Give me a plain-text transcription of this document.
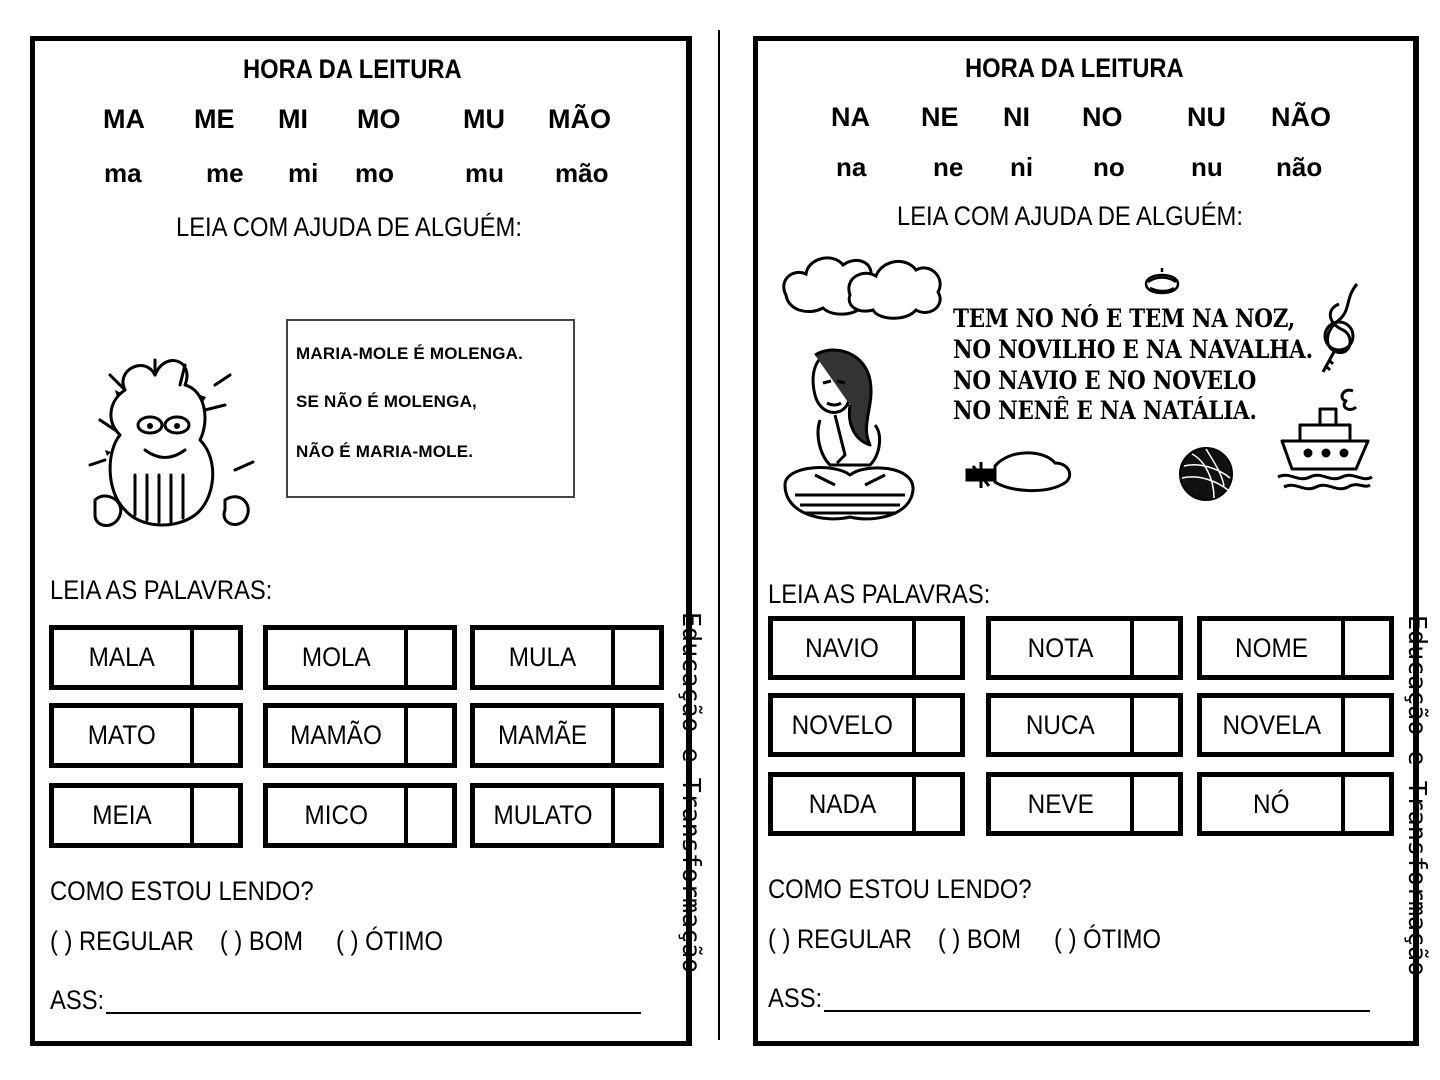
HORA DA LEITURA
MA ME MI MO MU MÃO
ma me mi mo	mu mão
LEIA COM AJUDA DE ALGUÉM:
MARIA-MOLE É MOLENGA.
SE NÃO É MOLENGA,
NÃO É MARIA-MOLE.
LEIA AS PALAVRAS:
MALA	MOLA	MULA
MATO	MAMÃO	MAMÃE
MEIA	MICO	MULATO
COMO ESTOU LENDO?
( ) REGULAR ( ) BOM ( ) ÓTIMO
ASS:
Educação e Transformação
HORA DA LEITURA
NA NE NI NO NU NÃO
na	ne ni no	nu não
LEIA COM AJUDA DE ALGUÉM:
TEM NO NÓ E TEM NA NOZ,
NO NOVILHO E NA NAVALHA.
NO NAVIO E NO NOVELO
NO NENÊ E NA NATÁLIA.
LEIA AS PALAVRAS:
NAVIO	NOTA	NOME
NOVELO	NUCA	NOVELA
NADA	NEVE	NÓ
COMO ESTOU LENDO?
( ) REGULAR ( ) BOM ( ) ÓTIMO
ASS:
Educação e Transformação
